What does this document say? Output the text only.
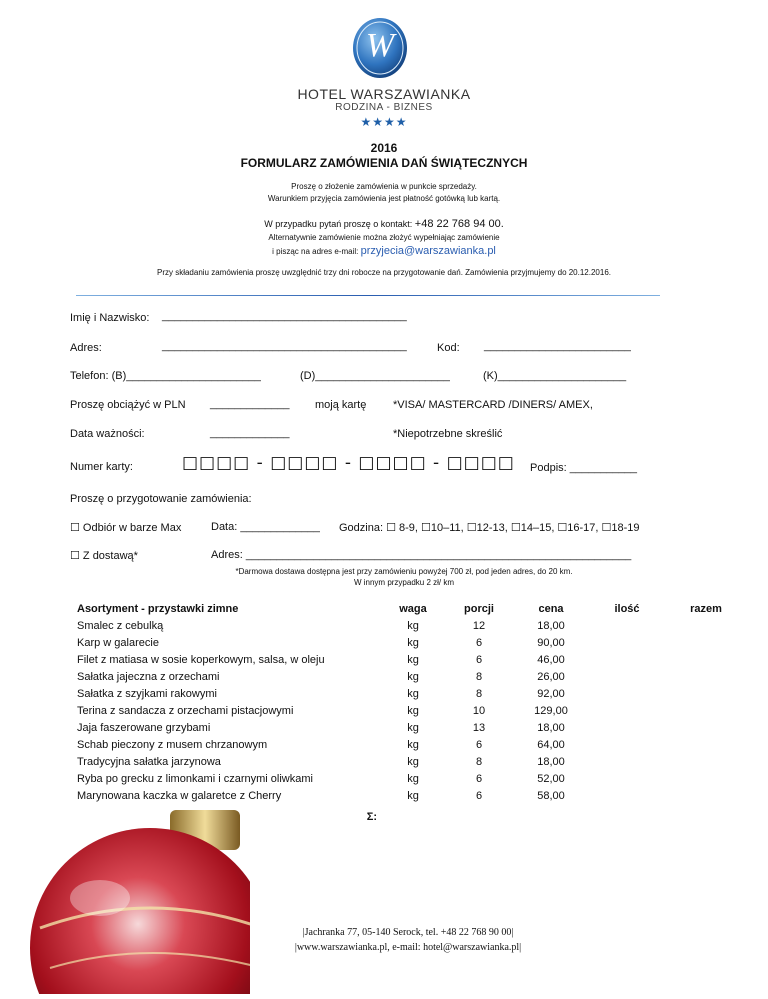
W
HOTEL WARSZAWIANKA
RODZINA - BIZNES
★★★★
2016
FORMULARZ ZAMÓWIENIA DAŃ ŚWIĄTECZNYCH
Proszę o złożenie zamówienia w punkcie sprzedaży.
Warunkiem przyjęcia zamówienia jest płatność gotówką lub kartą.
W przypadku pytań proszę o kontakt: +48 22 768 94 00.
Alternatywnie zamówienie można złożyć wypełniając zamówienie
i pisząc na adres e-mail: przyjecia@warszawianka.pl
Przy składaniu zamówienia proszę uwzględnić trzy dni robocze na przygotowanie dań. Zamówienia przyjmujemy do 20.12.2016.
Imię i Nazwisko: ________________________________________
Adres:	________________________________________	Kod: ________________________
Telefon: (B)______________________	(D)______________________	(K)_____________________
Proszę obciążyć w PLN _____________ moją kartę *VISA/ MASTERCARD /DINERS/ AMEX,
Data ważności:	_____________	*Niepotrzebne skreślić
Numer karty:	□□□□ - □□□□ - □□□□ - □□□□ Podpis: ___________
Proszę o przygotowanie zamówienia:
☐ Odbiór w barze Max	Data: _____________ Godzina: ☐ 8-9, ☐10–11, ☐12-13, ☐14–15, ☐16-17, ☐18-19
☐ Z dostawą*	Adres: _______________________________________________________________
*Darmowa dostawa dostępna jest przy zamówieniu powyżej 700 zł, pod jeden adres, do 20 km.
W innym przypadku 2 zł/ km
Asortyment - przystawki zimne	waga	porcji	cena	ilość	razem
Smalec z cebulką	kg	12	18,00		
Karp w galarecie	kg	6	90,00		
Filet z matiasa w sosie koperkowym, salsa, w oleju	kg	6	46,00		
Sałatka jajeczna z orzechami	kg	8	26,00		
Sałatka z szyjkami rakowymi	kg	8	92,00		
Terina z sandacza z orzechami pistacjowymi	kg	10	129,00		
Jaja faszerowane grzybami	kg	13	18,00		
Schab pieczony z musem chrzanowym	kg	6	64,00		
Tradycyjna sałatka jarzynowa	kg	8	18,00		
Ryba po grecku z limonkami i czarnymi oliwkami	kg	6	52,00		
Marynowana kaczka w galaretce z Cherry	kg	6	58,00		
Σ:					
|Jachranka 77, 05-140 Serock, tel. +48 22 768 90 00|
|www.warszawianka.pl, e-mail: hotel@warszawianka.pl|
